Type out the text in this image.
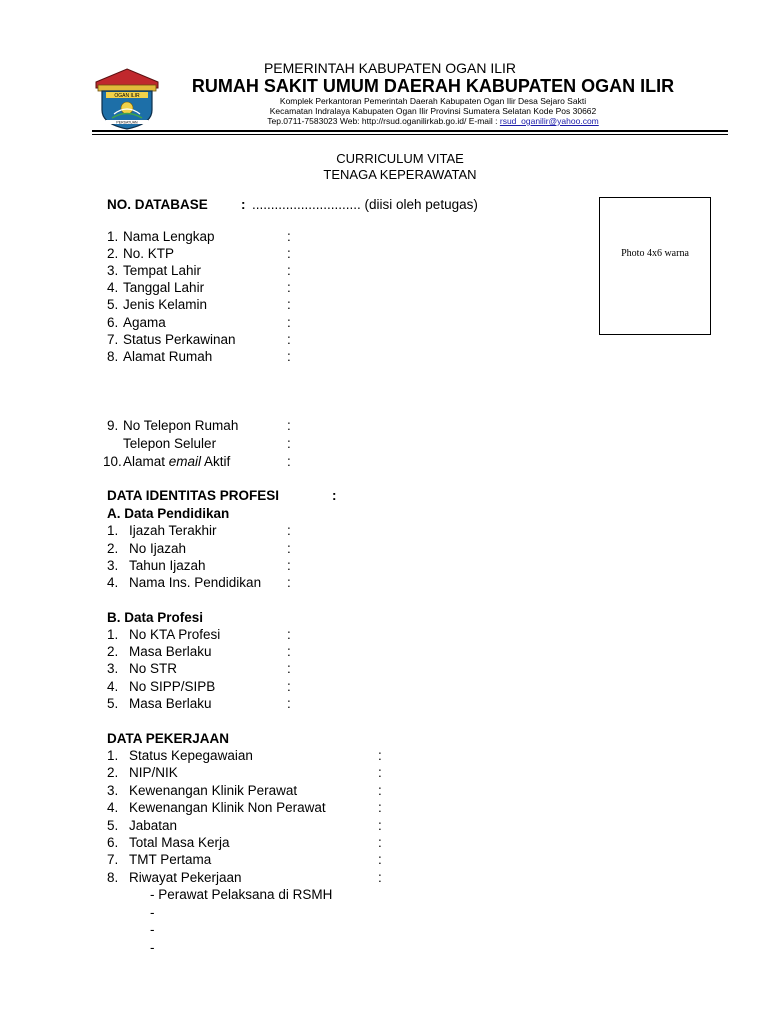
OGAN ILIR
PERSATUAN
PEMERINTAH KABUPATEN OGAN ILIR
RUMAH SAKIT UMUM DAERAH KABUPATEN OGAN ILIR
Komplek Perkantoran Pemerintah Daerah Kabupaten Ogan Ilir Desa Sejaro Sakti
Kecamatan Indralaya Kabupaten Ogan Ilir Provinsi Sumatera Selatan Kode Pos 30662
Tep.0711-7583023 Web: http://rsud.oganilirkab.go.id/ E-mail : rsud_oganilir@yahoo.com
CURRICULUM VITAE
TENAGA KEPERAWATAN
NO. DATABASE : ............................. (diisi oleh petugas)
Photo 4x6 warna
1. Nama Lengkap	:
2. No. KTP	:
3. Tempat Lahir	:
4. Tanggal Lahir	:
5. Jenis Kelamin	:
6. Agama	:
7. Status Perkawinan	:
8. Alamat Rumah	:
9. No Telepon Rumah	:
Telepon Seluler	:
10. Alamat email Aktif	:
DATA IDENTITAS PROFESI	:
A. Data Pendidikan
1. Ijazah Terakhir	:
2. No Ijazah	:
3. Tahun Ijazah	:
4. Nama Ins. Pendidikan :
B. Data Profesi
1. No KTA Profesi	:
2. Masa Berlaku	:
3. No STR	:
4. No SIPP/SIPB	:
5. Masa Berlaku	:
DATA PEKERJAAN
1. Status Kepegawaian	:
2. NIP/NIK	:
3. Kewenangan Klinik Perawat	:
4. Kewenangan Klinik Non Perawat	:
5. Jabatan	:
6. Total Masa Kerja	:
7. TMT Pertama	:
8. Riwayat Pekerjaan	:
- Perawat Pelaksana di RSMH
-
-
-
